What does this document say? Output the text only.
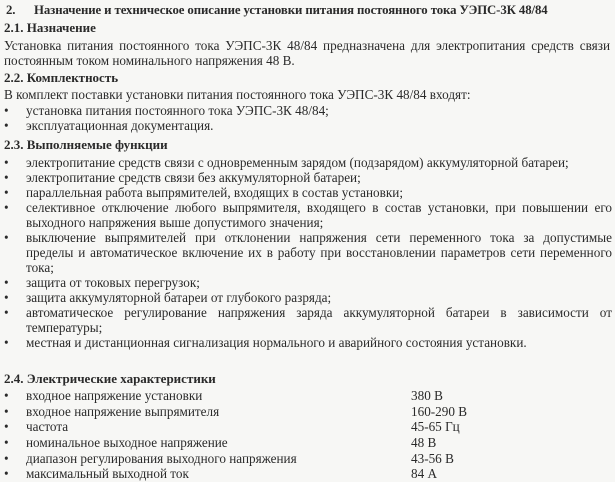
2. Назначение и техническое описание установки питания постоянного тока УЭПС-3К 48/84
2.1. Назначение
Установка питания постоянного тока УЭПС-3К 48/84 предназначена для электропитания средств связи постоянным током номинального напряжения 48 В.
2.2. Комплектность
В комплект поставки установки питания постоянного тока УЭПС-3К 48/84 входят:
• установка питания постоянного тока УЭПС-3К 48/84;
• эксплуатационная документация.
2.3. Выполняемые функции
• электропитание средств связи с одновременным зарядом (подзарядом) аккумуляторной батареи;
• электропитание средств связи без аккумуляторной батареи;
• параллельная работа выпрямителей, входящих в состав установки;
• селективное отключение любого выпрямителя, входящего в состав установки, при повышении его выходного напряжения выше допустимого значения;
• выключение выпрямителей при отклонении напряжения сети переменного тока за допустимые пределы и автоматическое включение их в работу при восстановлении параметров сети переменного тока;
• защита от токовых перегрузок;
• защита аккумуляторной батареи от глубокого разряда;
• автоматическое регулирование напряжения заряда аккумуляторной батареи в зависимости от температуры;
• местная и дистанционная сигнализация нормального и аварийного состояния установки.
2.4. Электрические характеристики
• входное напряжение установки	380 В
• входное напряжение выпрямителя	160-290 В
• частота	45-65 Гц
• номинальное выходное напряжение	48 В
• диапазон регулирования выходного напряжения	43-56 В
• максимальный выходной ток	84 А
